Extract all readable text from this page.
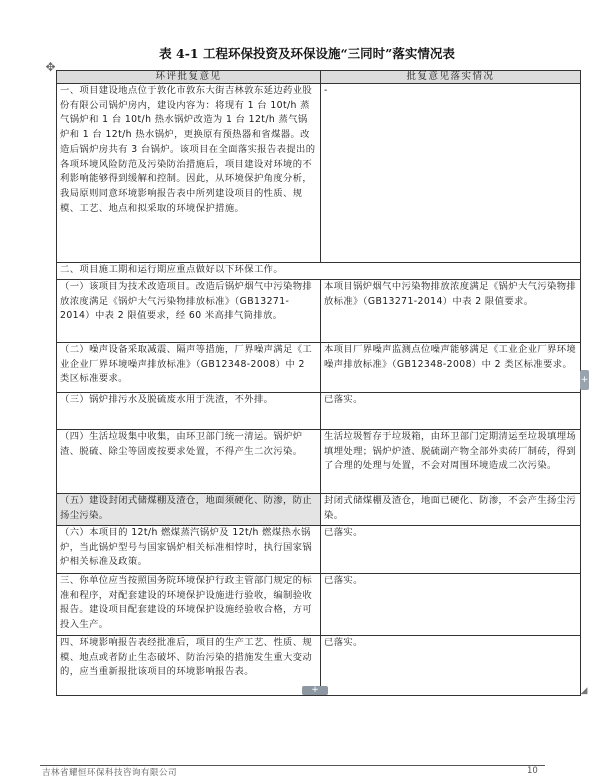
表 4-1 工程环保投资及环保设施“三同时”落实情况表
✥
环评批复意见	批复意见落实情况
一、项目建设地点位于敦化市敦东大街吉林敦东延边药业股份有限公司锅炉房内，建设内容为：将现有 1 台 10t/h 蒸气锅炉和 1 台 10t/h 热水锅炉改造为 1 台 12t/h 蒸气锅炉和 1 台 12t/h 热水锅炉，更换原有预热器和省煤器。改造后锅炉房共有 3 台锅炉。该项目在全面落实报告表提出的各项环境风险防范及污染防治措施后，项目建设对环境的不利影响能够得到缓解和控制。因此，从环境保护角度分析，我局原则同意环境影响报告表中所列建设项目的性质、规模、工艺、地点和拟采取的环境保护措施。	-
二、项目施工期和运行期应重点做好以下环保工作。	
（一）该项目为技术改造项目。改造后锅炉烟气中污染物排放浓度满足《锅炉大气污染物排放标准》（GB13271-2014）中表 2 限值要求，经 60 米高排气筒排放。	本项目锅炉烟气中污染物排放浓度满足《锅炉大气污染物排放标准》（GB13271-2014）中表 2 限值要求。
（二）噪声设备采取减震、隔声等措施，厂界噪声满足《工业企业厂界环境噪声排放标准》（GB12348-2008）中 2 类区标准要求。	本项目厂界噪声监测点位噪声能够满足《工业企业厂界环境噪声排放标准》（GB12348-2008）中 2 类区标准要求。
（三）锅炉排污水及脱硫废水用于洗渣，不外排。	已落实。
（四）生活垃圾集中收集，由环卫部门统一清运。锅炉炉渣、脱硫、除尘等固废按要求处置，不得产生二次污染。	生活垃圾暂存于垃圾箱，由环卫部门定期清运至垃圾填埋场填埋处理；锅炉炉渣、脱硫副产物全部外卖砖厂制砖，得到了合理的处理与处置，不会对周围环境造成二次污染。
（五）建设封闭式储煤棚及渣仓，地面须硬化、防渗，防止扬尘污染。	封闭式储煤棚及渣仓，地面已硬化、防渗，不会产生扬尘污染。
（六）本项目的 12t/h 燃煤蒸汽锅炉及 12t/h 燃煤热水锅炉，当此锅炉型号与国家锅炉相关标准相悖时，执行国家锅炉相关标准及政策。	已落实。
三、你单位应当按照国务院环境保护行政主管部门规定的标准和程序，对配套建设的环境保护设施进行验收，编制验收报告。建设项目配套建设的环境保护设施经验收合格，方可投入生产。	已落实。
四、环境影响报告表经批准后，项目的生产工艺、性质、规模、地点或者防止生态破坏、防治污染的措施发生重大变动的，应当重新报批该项目的环境影响报告表。	已落实。
+
+	◢
吉林省耀恒环保科技咨询有限公司	10
